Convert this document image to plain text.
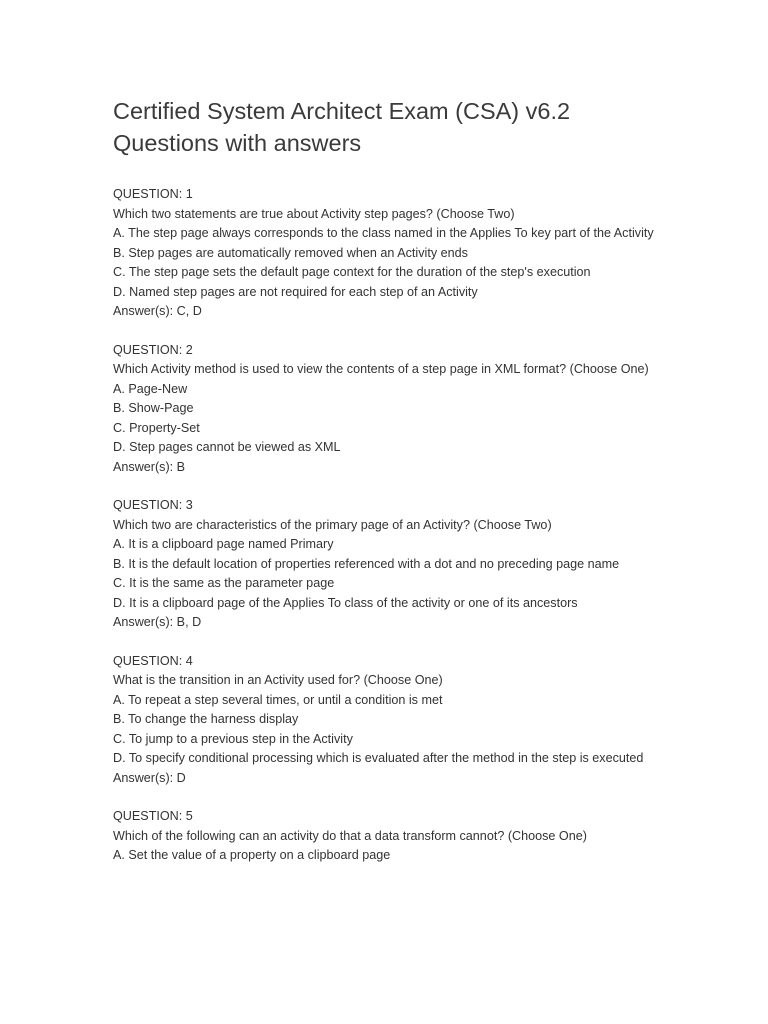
Certified System Architect Exam (CSA) v6.2
Questions with answers
QUESTION: 1
Which two statements are true about Activity step pages? (Choose Two)
A. The step page always corresponds to the class named in the Applies To key part of the Activity
B. Step pages are automatically removed when an Activity ends
C. The step page sets the default page context for the duration of the step's execution
D. Named step pages are not required for each step of an Activity
Answer(s): C, D
QUESTION: 2
Which Activity method is used to view the contents of a step page in XML format? (Choose One)
A. Page-New
B. Show-Page
C. Property-Set
D. Step pages cannot be viewed as XML
Answer(s): B
QUESTION: 3
Which two are characteristics of the primary page of an Activity? (Choose Two)
A. It is a clipboard page named Primary
B. It is the default location of properties referenced with a dot and no preceding page name
C. It is the same as the parameter page
D. It is a clipboard page of the Applies To class of the activity or one of its ancestors
Answer(s): B, D
QUESTION: 4
What is the transition in an Activity used for? (Choose One)
A. To repeat a step several times, or until a condition is met
B. To change the harness display
C. To jump to a previous step in the Activity
D. To specify conditional processing which is evaluated after the method in the step is executed
Answer(s): D
QUESTION: 5
Which of the following can an activity do that a data transform cannot? (Choose One)
A. Set the value of a property on a clipboard page
